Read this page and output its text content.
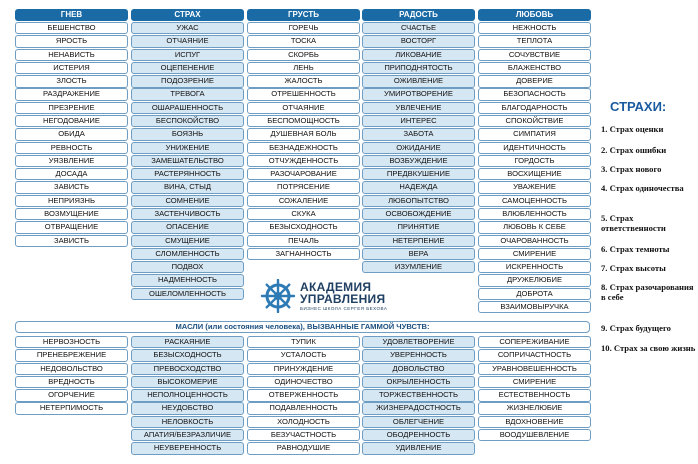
ГНЕВ
БЕШЕНСТВО
ЯРОСТЬ
НЕНАВИСТЬ
ИСТЕРИЯ
ЗЛОСТЬ
РАЗДРАЖЕНИЕ
ПРЕЗРЕНИЕ
НЕГОДОВАНИЕ
ОБИДА
РЕВНОСТЬ
УЯЗВЛЕНИЕ
ДОСАДА
ЗАВИСТЬ
НЕПРИЯЗНЬ
ВОЗМУЩЕНИЕ
ОТВРАЩЕНИЕ
ЗАВИСТЬ
СТРАХ
УЖАС
ОТЧАЯНИЕ
ИСПУГ
ОЦЕПЕНЕНИЕ
ПОДОЗРЕНИЕ
ТРЕВОГА
ОШАРАШЕННОСТЬ
БЕСПОКОЙСТВО
БОЯЗНЬ
УНИЖЕНИЕ
ЗАМЕШАТЕЛЬСТВО
РАСТЕРЯННОСТЬ
ВИНА, СТЫД
СОМНЕНИЕ
ЗАСТЕНЧИВОСТЬ
ОПАСЕНИЕ
СМУЩЕНИЕ
СЛОМЛЕННОСТЬ
ПОДВОХ
НАДМЕННОСТЬ
ОШЕЛОМЛЕННОСТЬ
ГРУСТЬ
ГОРЕЧЬ
ТОСКА
СКОРБЬ
ЛЕНЬ
ЖАЛОСТЬ
ОТРЕШЕННОСТЬ
ОТЧАЯНИЕ
БЕСПОМОЩНОСТЬ
ДУШЕВНАЯ БОЛЬ
БЕЗНАДЕЖНОСТЬ
ОТЧУЖДЕННОСТЬ
РАЗОЧАРОВАНИЕ
ПОТРЯСЕНИЕ
СОЖАЛЕНИЕ
СКУКА
БЕЗЫСХОДНОСТЬ
ПЕЧАЛЬ
ЗАГНАННОСТЬ
РАДОСТЬ
СЧАСТЬЕ
ВОСТОРГ
ЛИКОВАНИЕ
ПРИПОДНЯТОСТЬ
ОЖИВЛЕНИЕ
УМИРОТВОРЕНИЕ
УВЛЕЧЕНИЕ
ИНТЕРЕС
ЗАБОТА
ОЖИДАНИЕ
ВОЗБУЖДЕНИЕ
ПРЕДВКУШЕНИЕ
НАДЕЖДА
ЛЮБОПЫТСТВО
ОСВОБОЖДЕНИЕ
ПРИНЯТИЕ
НЕТЕРПЕНИЕ
ВЕРА
ИЗУМЛЕНИЕ
ЛЮБОВЬ
НЕЖНОСТЬ
ТЕПЛОТА
СОЧУВСТВИЕ
БЛАЖЕНСТВО
ДОВЕРИЕ
БЕЗОПАСНОСТЬ
БЛАГОДАРНОСТЬ
СПОКОЙСТВИЕ
СИМПАТИЯ
ИДЕНТИЧНОСТЬ
ГОРДОСТЬ
ВОСХИЩЕНИЕ
УВАЖЕНИЕ
САМОЦЕННОСТЬ
ВЛЮБЛЕННОСТЬ
ЛЮБОВЬ К СЕБЕ
ОЧАРОВАННОСТЬ
СМИРЕНИЕ
ИСКРЕННОСТЬ
ДРУЖЕЛЮБИЕ
ДОБРОТА
ВЗАИМОВЫРУЧКА
АКАДЕМИЯ
УПРАВЛЕНИЯ
БИЗНЕС ШКОЛА СЕРГЕЯ БЕХОВА
МАСЛИ (или состояния человека), ВЫЗВАННЫЕ ГАММОЙ ЧУВСТВ:
НЕРВОЗНОСТЬ
ПРЕНЕБРЕЖЕНИЕ
НЕДОВОЛЬСТВО
ВРЕДНОСТЬ
ОГОРЧЕНИЕ
НЕТЕРПИМОСТЬ
РАСКАЯНИЕ
БЕЗЫСХОДНОСТЬ
ПРЕВОСХОДСТВО
ВЫСОКОМЕРИЕ
НЕПОЛНОЦЕННОСТЬ
НЕУДОБСТВО
НЕЛОВКОСТЬ
АПАТИЯ/БЕЗРАЗЛИЧИЕ
НЕУВЕРЕННОСТЬ
ТУПИК
УСТАЛОСТЬ
ПРИНУЖДЕНИЕ
ОДИНОЧЕСТВО
ОТВЕРЖЕННОСТЬ
ПОДАВЛЕННОСТЬ
ХОЛОДНОСТЬ
БЕЗУЧАСТНОСТЬ
РАВНОДУШИЕ
УДОВЛЕТВОРЕНИЕ
УВЕРЕННОСТЬ
ДОВОЛЬСТВО
ОКРЫЛЕННОСТЬ
ТОРЖЕСТВЕННОСТЬ
ЖИЗНЕРАДОСТНОСТЬ
ОБЛЕГЧЕНИЕ
ОБОДРЕННОСТЬ
УДИВЛЕНИЕ
СОПЕРЕЖИВАНИЕ
СОПРИЧАСТНОСТЬ
УРАВНОВЕШЕННОСТЬ
СМИРЕНИЕ
ЕСТЕСТВЕННОСТЬ
ЖИЗНЕЛЮБИЕ
ВДОХНОВЕНИЕ
ВООДУШЕВЛЕНИЕ
СТРАХИ:
1. Страх оценки
2. Страх ошибки
3. Страх нового
4. Страх одиночества
5. Страх ответственности
6. Страх темноты
7. Страх высоты
8. Страх разочарования в себе
9. Страх будущего
10. Страх за свою жизнь
